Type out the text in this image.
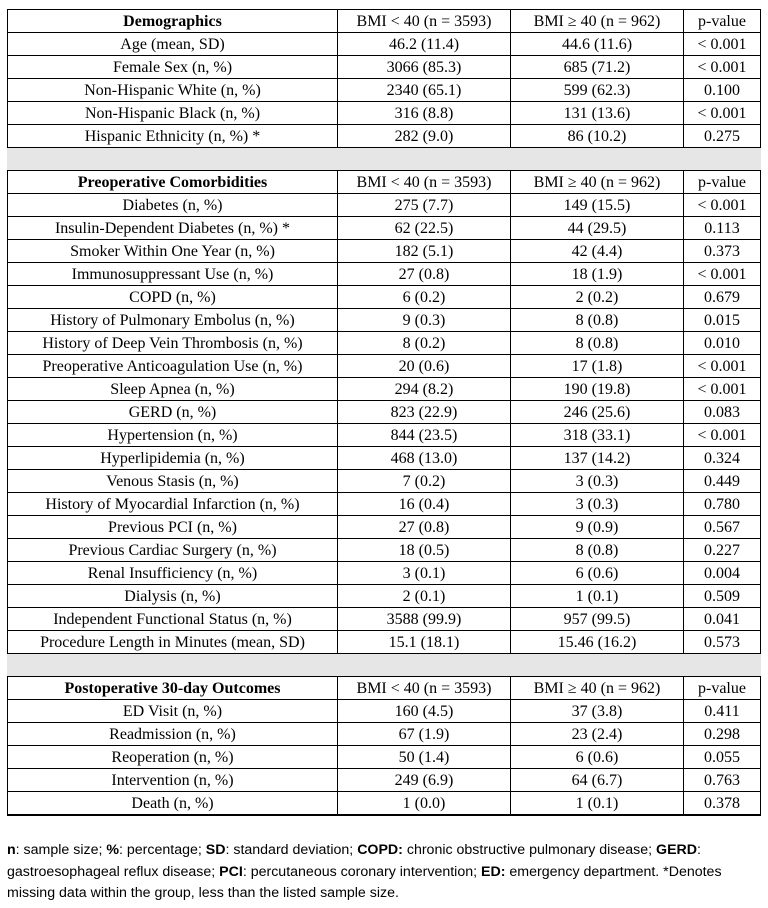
Demographics	BMI < 40 (n = 3593)	BMI ≥ 40 (n = 962)	p-value
Age (mean, SD)	46.2 (11.4)	44.6 (11.6)	< 0.001
Female Sex (n, %)	3066 (85.3)	685 (71.2)	< 0.001
Non-Hispanic White (n, %)	2340 (65.1)	599 (62.3)	0.100
Non-Hispanic Black (n, %)	316 (8.8)	131 (13.6)	< 0.001
Hispanic Ethnicity (n, %) *	282 (9.0)	86 (10.2)	0.275

Preoperative Comorbidities	BMI < 40 (n = 3593)	BMI ≥ 40 (n = 962)	p-value
Diabetes (n, %)	275 (7.7)	149 (15.5)	< 0.001
Insulin-Dependent Diabetes (n, %) *	62 (22.5)	44 (29.5)	0.113
Smoker Within One Year (n, %)	182 (5.1)	42 (4.4)	0.373
Immunosuppressant Use (n, %)	27 (0.8)	18 (1.9)	< 0.001
COPD (n, %)	6 (0.2)	2 (0.2)	0.679
History of Pulmonary Embolus (n, %)	9 (0.3)	8 (0.8)	0.015
History of Deep Vein Thrombosis (n, %)	8 (0.2)	8 (0.8)	0.010
Preoperative Anticoagulation Use (n, %)	20 (0.6)	17 (1.8)	< 0.001
Sleep Apnea (n, %)	294 (8.2)	190 (19.8)	< 0.001
GERD (n, %)	823 (22.9)	246 (25.6)	0.083
Hypertension (n, %)	844 (23.5)	318 (33.1)	< 0.001
Hyperlipidemia (n, %)	468 (13.0)	137 (14.2)	0.324
Venous Stasis (n, %)	7 (0.2)	3 (0.3)	0.449
History of Myocardial Infarction (n, %)	16 (0.4)	3 (0.3)	0.780
Previous PCI (n, %)	27 (0.8)	9 (0.9)	0.567
Previous Cardiac Surgery (n, %)	18 (0.5)	8 (0.8)	0.227
Renal Insufficiency (n, %)	3 (0.1)	6 (0.6)	0.004
Dialysis (n, %)	2 (0.1)	1 (0.1)	0.509
Independent Functional Status (n, %)	3588 (99.9)	957 (99.5)	0.041
Procedure Length in Minutes (mean, SD)	15.1 (18.1)	15.46 (16.2)	0.573

Postoperative 30-day Outcomes	BMI < 40 (n = 3593)	BMI ≥ 40 (n = 962)	p-value
ED Visit (n, %)	160 (4.5)	37 (3.8)	0.411
Readmission (n, %)	67 (1.9)	23 (2.4)	0.298
Reoperation (n, %)	50 (1.4)	6 (0.6)	0.055
Intervention (n, %)	249 (6.9)	64 (6.7)	0.763
Death (n, %)	1 (0.0)	1 (0.1)	0.378
n: sample size; %: percentage; SD: standard deviation; COPD: chronic obstructive pulmonary disease; GERD: gastroesophageal reflux disease; PCI: percutaneous coronary intervention; ED: emergency department. *Denotes missing data within the group, less than the listed sample size.
